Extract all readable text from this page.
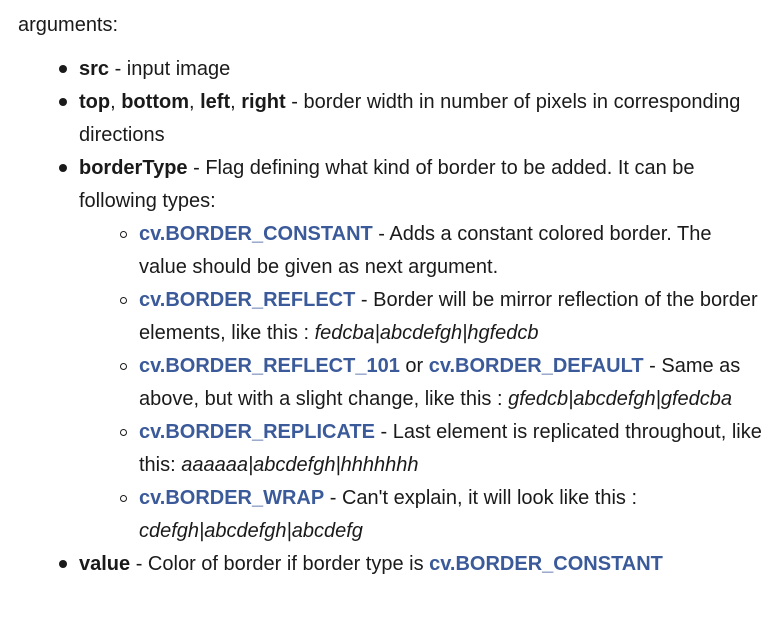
arguments:

src - input image
top, bottom, left, right - border width in number of pixels in corresponding directions
borderType - Flag defining what kind of border to be added. It can be following types:
cv.BORDER_CONSTANT - Adds a constant colored border. The value should be given as next argument.
cv.BORDER_REFLECT - Border will be mirror reflection of the border elements, like this : fedcba|abcdefgh|hgfedcb
cv.BORDER_REFLECT_101 or cv.BORDER_DEFAULT - Same as above, but with a slight change, like this : gfedcb|abcdefgh|gfedcba
cv.BORDER_REPLICATE - Last element is replicated throughout, like this: aaaaaa|abcdefgh|hhhhhhh
cv.BORDER_WRAP - Can't explain, it will look like this : cdefgh|abcdefgh|abcdefg
value - Color of border if border type is cv.BORDER_CONSTANT
